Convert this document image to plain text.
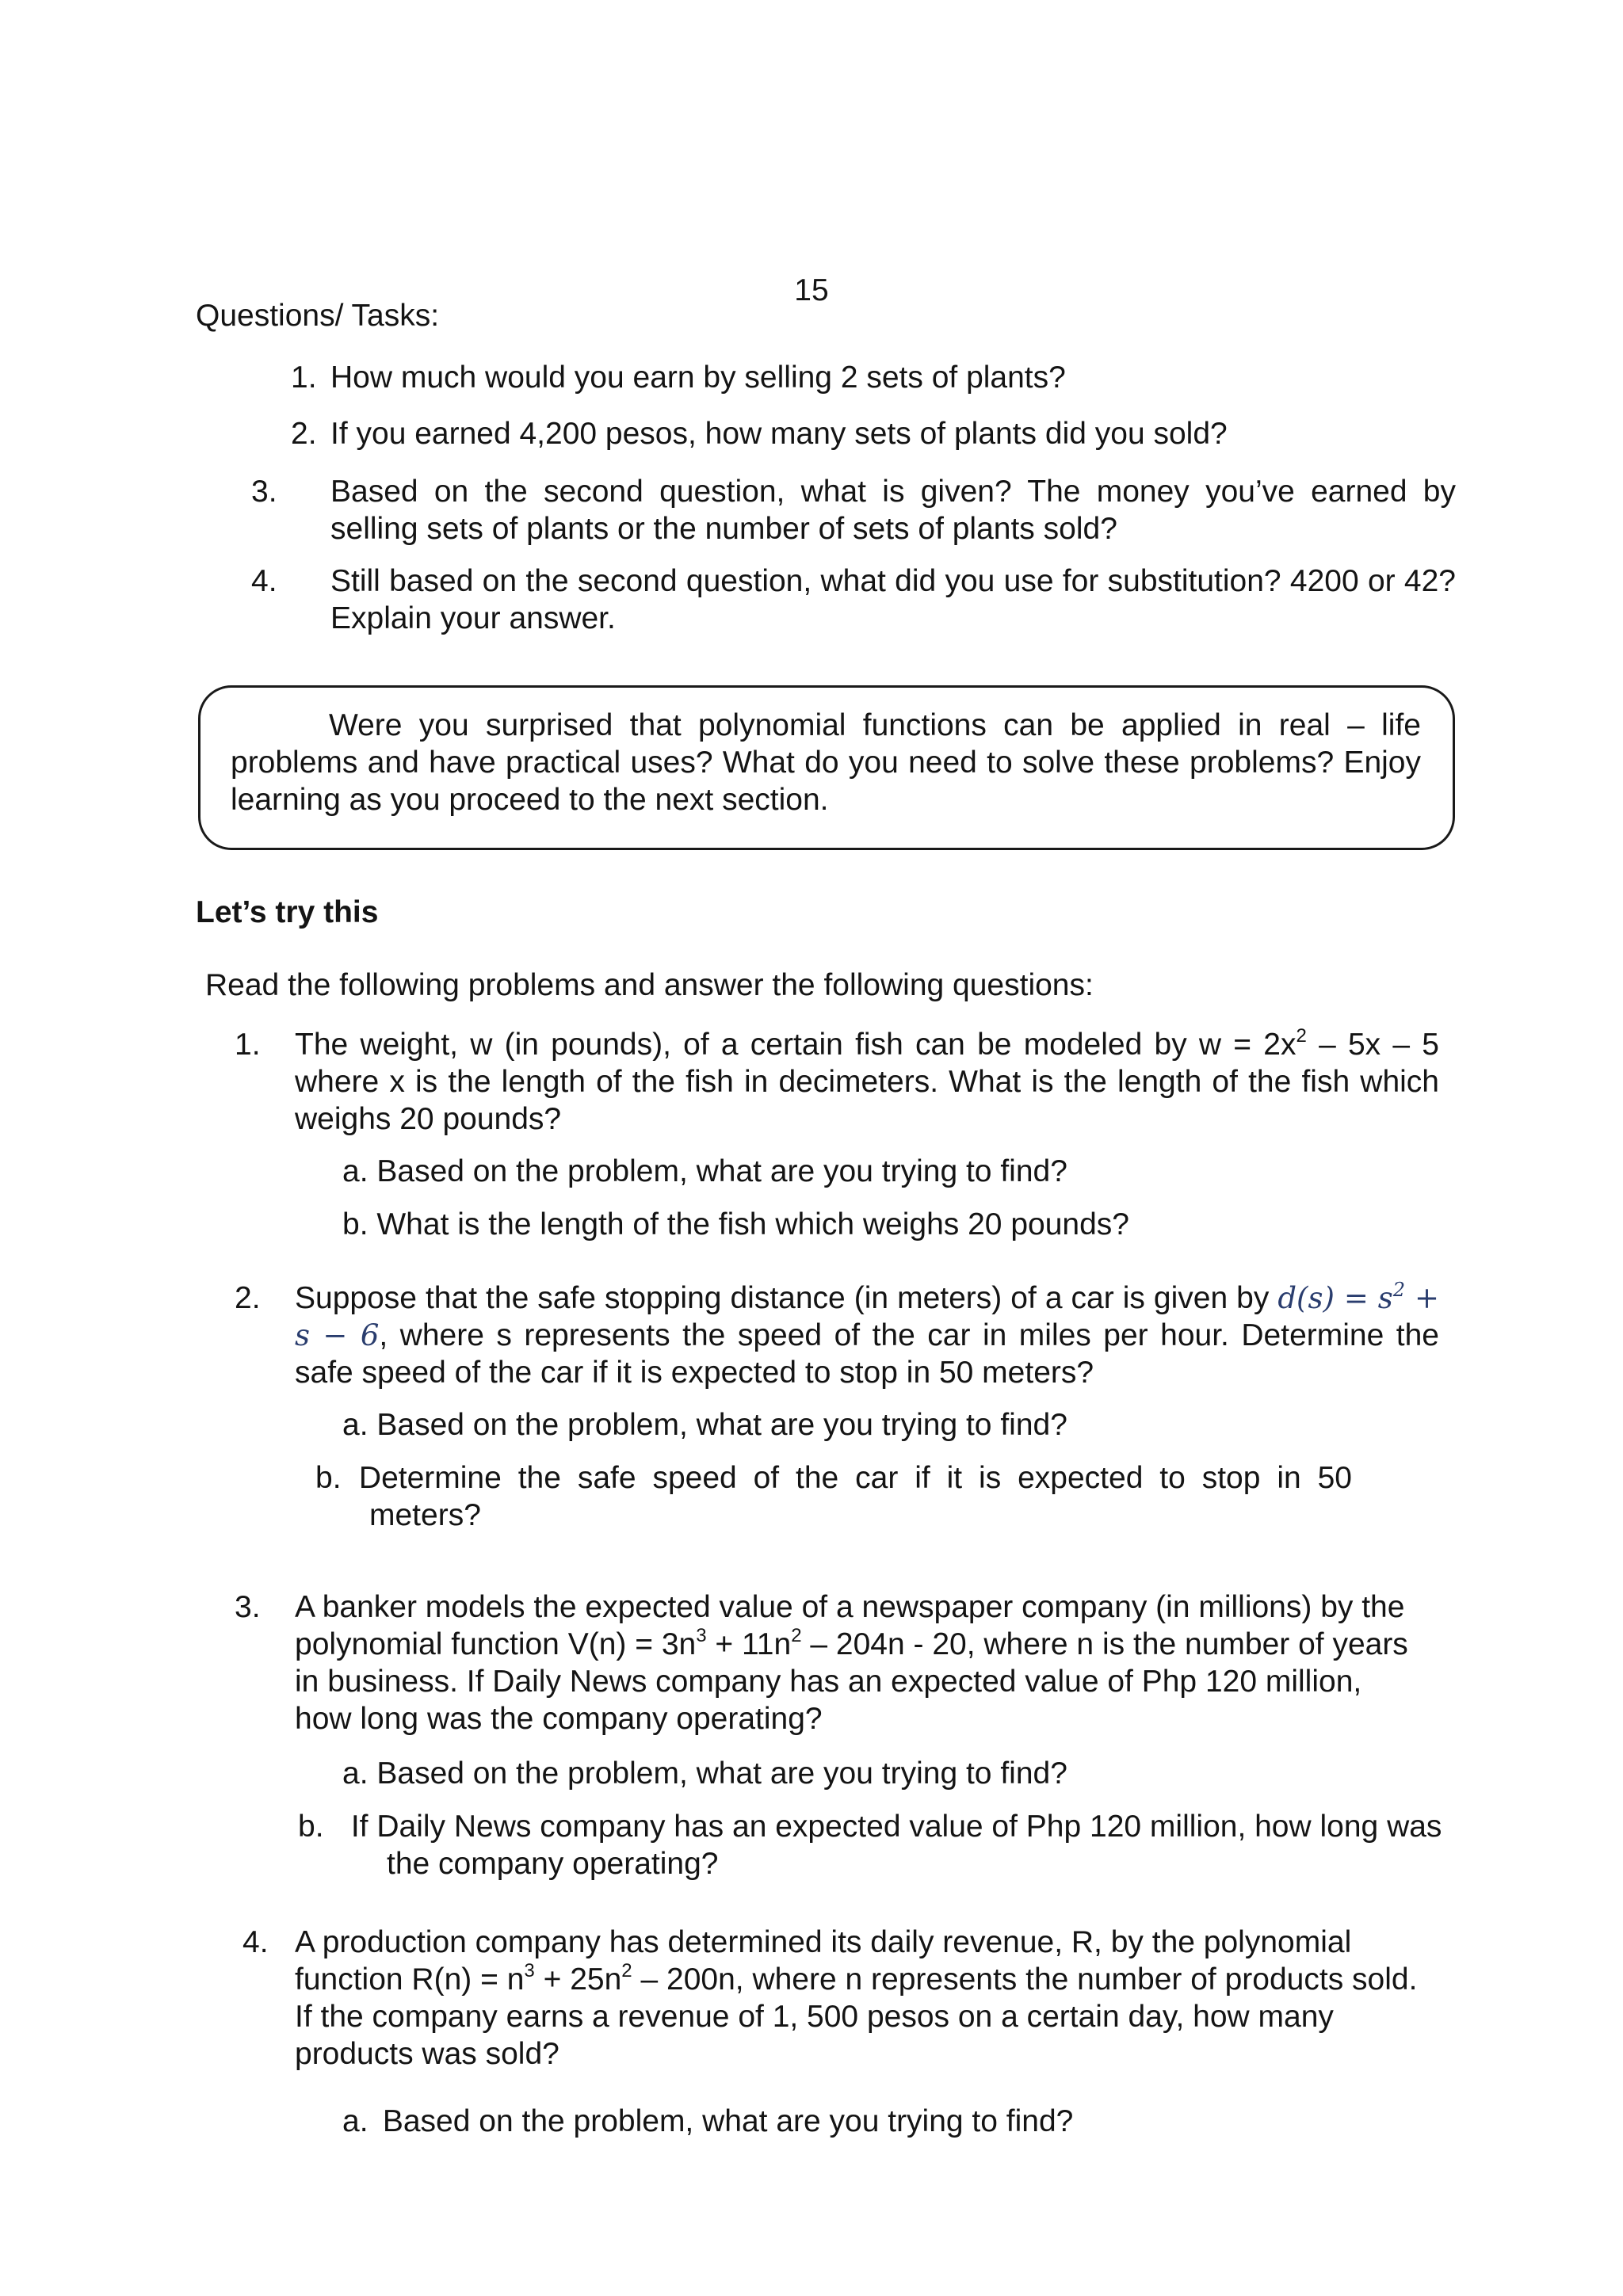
15
Questions/ Tasks:
1. How much would you earn by selling 2 sets of plants?
2. If you earned 4,200 pesos, how many sets of plants did you sold?
3. Based on the second question, what is given? The money you’ve earned by selling sets of plants or the number of sets of plants sold?
4. Still based on the second question, what did you use for substitution? 4200 or 42? Explain your answer.

Were you surprised that polynomial functions can be applied in real – life problems and have practical uses? What do you need to solve these problems? Enjoy learning as you proceed to the next section.

Let’s try this
Read the following problems and answer the following questions:
1. The weight, w (in pounds), of a certain fish can be modeled by $w = 2x^2 - 5x - 5$ where x is the length of the fish in decimeters. What is the length of the fish which weighs 20 pounds?
a. Based on the problem, what are you trying to find?
b. What is the length of the fish which weighs 20 pounds?
2. Suppose that the safe stopping distance (in meters) of a car is given by $d(s) = s^2 + s - 6$, where s represents the speed of the car in miles per hour. Determine the safe speed of the car if it is expected to stop in 50 meters?
a. Based on the problem, what are you trying to find?
b. Determine the safe speed of the car if it is expected to stop in 50 meters?
3. A banker models the expected value of a newspaper company (in millions) by the polynomial function $V(n) = 3n^3 + 11n^2 - 204n - 20$, where n is the number of years in business. If Daily News company has an expected value of Php 120 million, how long was the company operating?
a. Based on the problem, what are you trying to find?
b. If Daily News company has an expected value of Php 120 million, how long was the company operating?
4. A production company has determined its daily revenue, R, by the polynomial function $R(n) = n^3 + 25n^2 - 200n$, where n represents the number of products sold. If the company earns a revenue of 1, 500 pesos on a certain day, how many products was sold?
a. Based on the problem, what are you trying to find?
